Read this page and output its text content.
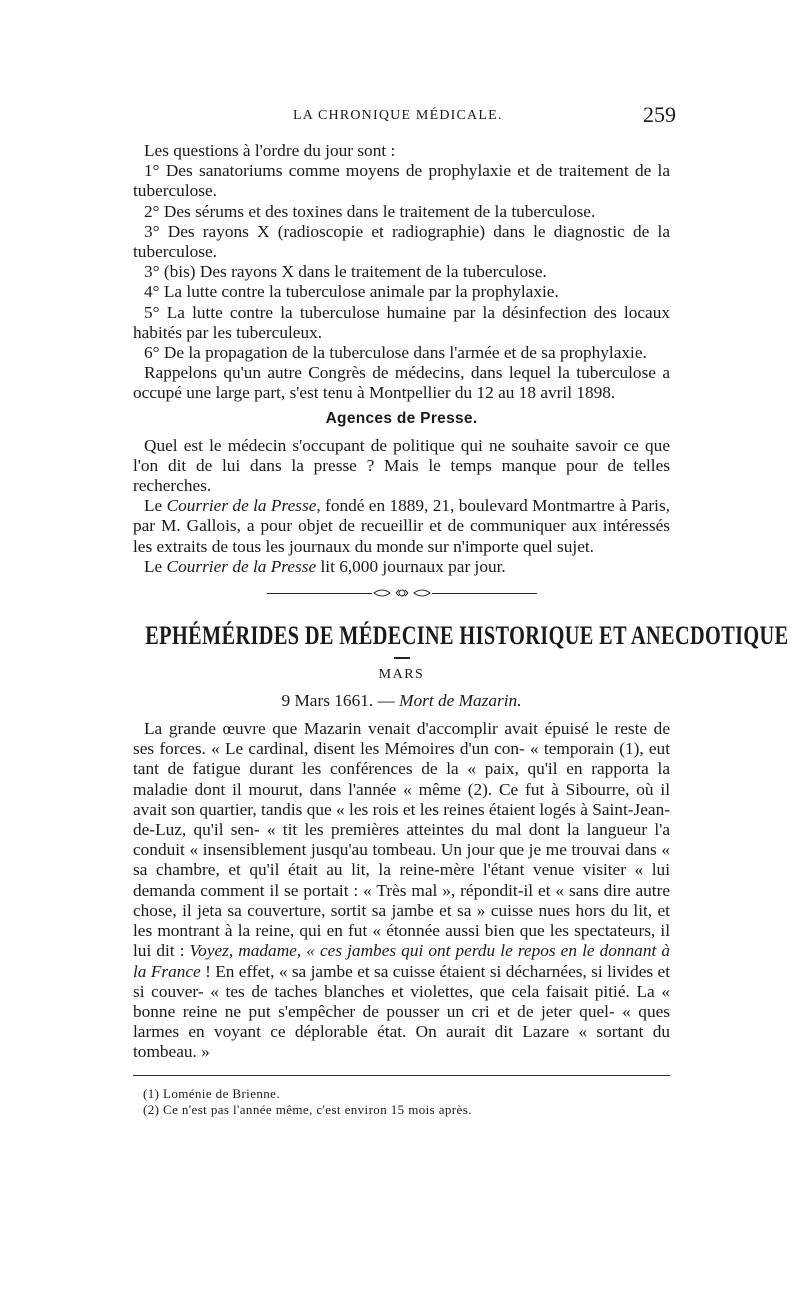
LA CHRONIQUE MÉDICALE.	259

Les questions à l'ordre du jour sont :

1° Des sanatoriums comme moyens de prophylaxie et de traitement de la tuberculose.

2° Des sérums et des toxines dans le traitement de la tuberculose.

3° Des rayons X (radioscopie et radiographie) dans le diagnostic de la tuberculose.

3° (bis) Des rayons X dans le traitement de la tuberculose.

4° La lutte contre la tuberculose animale par la prophylaxie.

5° La lutte contre la tuberculose humaine par la désinfection des locaux habités par les tuberculeux.

6° De la propagation de la tuberculose dans l'armée et de sa prophylaxie.

Rappelons qu'un autre Congrès de médecins, dans lequel la tuberculose a occupé une large part, s'est tenu à Montpellier du 12 au 18 avril 1898.

Agences de Presse.

Quel est le médecin s'occupant de politique qui ne souhaite savoir ce que l'on dit de lui dans la presse ? Mais le temps manque pour de telles recherches.

Le Courrier de la Presse, fondé en 1889, 21, boulevard Montmartre à Paris, par M. Gallois, a pour objet de recueillir et de communiquer aux intéressés les extraits de tous les journaux du monde sur n'importe quel sujet.

Le Courrier de la Presse lit 6,000 journaux par jour.

EPHÉMÉRIDES DE MÉDECINE HISTORIQUE ET ANECDOTIQUE
MARS
9 Mars 1661. — Mort de Mazarin.

La grande œuvre que Mazarin venait d'accomplir avait épuisé le reste de ses forces. « Le cardinal, disent les Mémoires d'un con- « temporain (1), eut tant de fatigue durant les conférences de la « paix, qu'il en rapporta la maladie dont il mourut, dans l'année « même (2). Ce fut à Sibourre, où il avait son quartier, tandis que « les rois et les reines étaient logés à Saint-Jean-de-Luz, qu'il sen- « tit les premières atteintes du mal dont la langueur l'a conduit « insensiblement jusqu'au tombeau. Un jour que je me trouvai dans « sa chambre, et qu'il était au lit, la reine-mère l'étant venue visiter « lui demanda comment il se portait : « Très mal », répondit-il et « sans dire autre chose, il jeta sa couverture, sortit sa jambe et sa » cuisse nues hors du lit, et les montrant à la reine, qui en fut « étonnée aussi bien que les spectateurs, il lui dit : Voyez, madame, « ces jambes qui ont perdu le repos en le donnant à la France ! En effet, « sa jambe et sa cuisse étaient si décharnées, si livides et si couver- « tes de taches blanches et violettes, que cela faisait pitié. La « bonne reine ne put s'empêcher de pousser un cri et de jeter quel- « ques larmes en voyant ce déplorable état. On aurait dit Lazare « sortant du tombeau. »

(1) Loménie de Brienne.
(2) Ce n'est pas l'année même, c'est environ 15 mois après.
